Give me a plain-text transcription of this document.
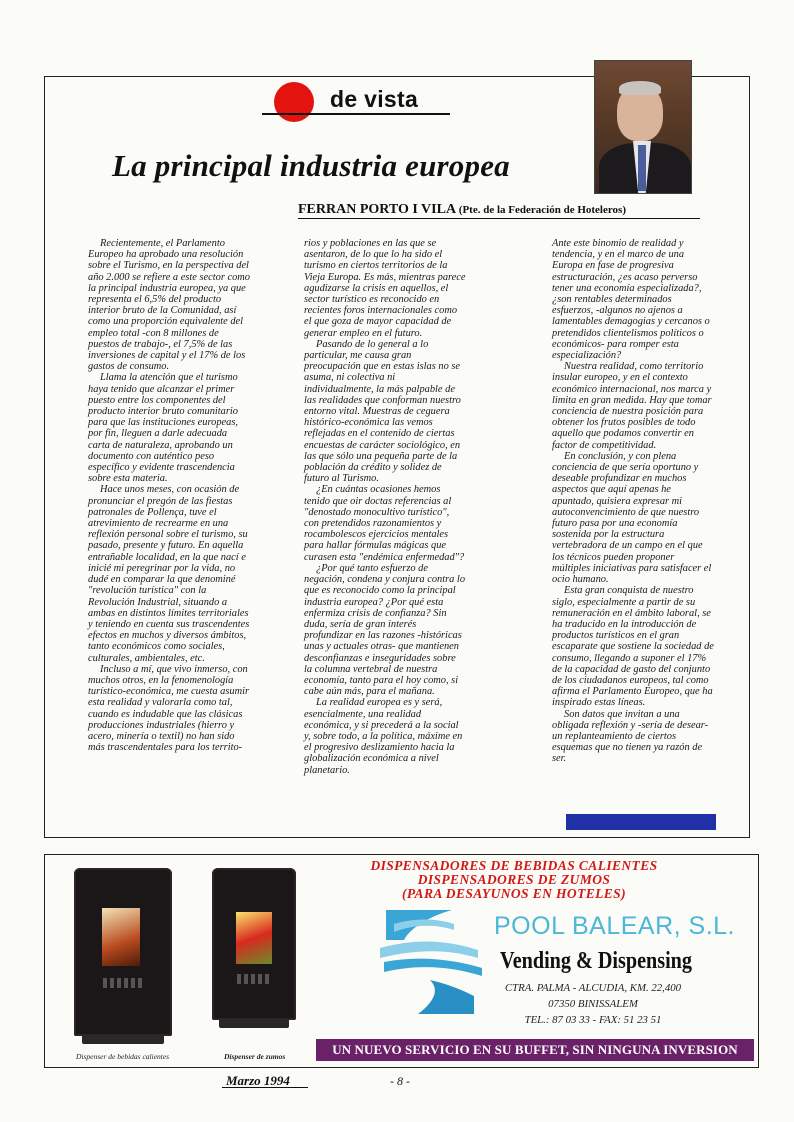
de vista
La principal industria europea
FERRAN PORTO I VILA (Pte. de la Federación de Hoteleros)

Recientemente, el Parlamento Europeo ha aprobado una resolución sobre el Turismo, en la perspectiva del año 2.000 se refiere a este sector como la principal industria europea, ya que representa el 6,5% del producto interior bruto de la Comunidad, así como una proporción equivalente del empleo total -con 8 millones de puestos de trabajo-, el 7,5% de las inversiones de capital y el 17% de los gastos de consumo.

Llama la atención que el turismo haya tenido que alcanzar el primer puesto entre los componentes del producto interior bruto comunitario para que las instituciones europeas, por fin, lleguen a darle adecuada carta de naturaleza, aprobando un documento con auténtico peso específico y evidente trascendencia sobre esta materia.

Hace unos meses, con ocasión de pronunciar el pregón de las fiestas patronales de Pollença, tuve el atrevimiento de recrearme en una reflexión personal sobre el turismo, su pasado, presente y futuro. En aquella entrañable localidad, en la que nací e inicié mi peregrinar por la vida, no dudé en comparar la que denominé "revolución turística" con la Revolución Industrial, situando a ambas en distintos límites territoriales y teniendo en cuenta sus trascendentes efectos en muchos y diversos ámbitos, tanto económicos como sociales, culturales, ambientales, etc.

Incluso a mí, que vivo inmerso, con muchos otros, en la fenomenología turístico-económica, me cuesta asumir esta realidad y valorarla como tal, cuando es indudable que las clásicas producciones industriales (hierro y acero, minería o textil) no han sido más trascendentales para los territo-

rios y poblaciones en las que se asentaron, de lo que lo ha sido el turismo en ciertos territorios de la Vieja Europa. Es más, mientras parece agudizarse la crisis en aquellos, el sector turístico es reconocido en recientes foros internacionales como el que goza de mayor capacidad de generar empleo en el futuro.

Pasando de lo general a lo particular, me causa gran preocupación que en estas islas no se asuma, ni colectiva ni individualmente, la más palpable de las realidades que conforman nuestro entorno vital. Muestras de ceguera histórico-económica las vemos reflejadas en el contenido de ciertas encuestas de carácter sociológico, en las que sólo una pequeña parte de la población da crédito y solidez de futuro al Turismo.

¿En cuántas ocasiones hemos tenido que oir doctas referencias al "denostado monocultivo turístico", con pretendidos razonamientos y rocambolescos ejercicios mentales para hallar fórmulas mágicas que curasen esta "endémica enfermedad"?

¿Por qué tanto esfuerzo de negación, condena y conjura contra lo que es reconocido como la principal industria europea? ¿Por qué esta enfermiza crisis de confianza? Sin duda, sería de gran interés profundizar en las razones -históricas unas y actuales otras- que mantienen desconfianzas e inseguridades sobre la columna vertebral de nuestra economía, tanto para el hoy como, si cabe aún más, para el mañana.

La realidad europea es y será, esencialmente, una realidad económica, y si precederá a la social y, sobre todo, a la política, máxime en el progresivo deslizamiento hacia la globalización económica a nivel planetario.

Ante este binomio de realidad y tendencia, y en el marco de una Europa en fase de progresiva estructuración, ¿es acaso perverso tener una economía especializada?, ¿son rentables determinados esfuerzos, -algunos no ajenos a lamentables demagogias y cercanos o pretendidos clientelismos políticos o económicos- para romper esta especialización?

Nuestra realidad, como territorio insular europeo, y en el contexto económico internacional, nos marca y limita en gran medida. Hay que tomar conciencia de nuestra posición para obtener los frutos posibles de todo aquello que podamos convertir en factor de competitividad.

En conclusión, y con plena conciencia de que sería oportuno y deseable profundizar en muchos aspectos que aquí apenas he apuntado, quisiera expresar mi autoconvencimiento de que nuestro futuro pasa por una economía sostenida por la estructura vertebradora de un campo en el que los técnicos pueden proponer múltiples iniciativas para satisfacer el ocio humano.

Esta gran conquista de nuestro siglo, especialmente a partir de su remuneración en el ámbito laboral, se ha traducido en la introducción de productos turísticos en el gran escaparate que sostiene la sociedad de consumo, llegando a suponer el 17% de la capacidad de gasto del conjunto de los ciudadanos europeos, tal como afirma el Parlamento Europeo, que ha inspirado estas líneas.

Son datos que invitan a una obligada reflexión y -sería de desear- un replanteamiento de ciertos esquemas que no tienen ya razón de ser.

Dispenser de bebidas calientes	Dispenser de zumos
DISPENSADORES DE BEBIDAS CALIENTES
DISPENSADORES DE ZUMOS
(PARA DESAYUNOS EN HOTELES)
POOL BALEAR, S.L.
Vending & Dispensing
CTRA. PALMA - ALCUDIA, KM. 22,400
07350 BINISSALEM
TEL.: 87 03 33 - FAX: 51 23 51
UN NUEVO SERVICIO EN SU BUFFET, SIN NINGUNA INVERSION
Marzo 1994	- 8 -
